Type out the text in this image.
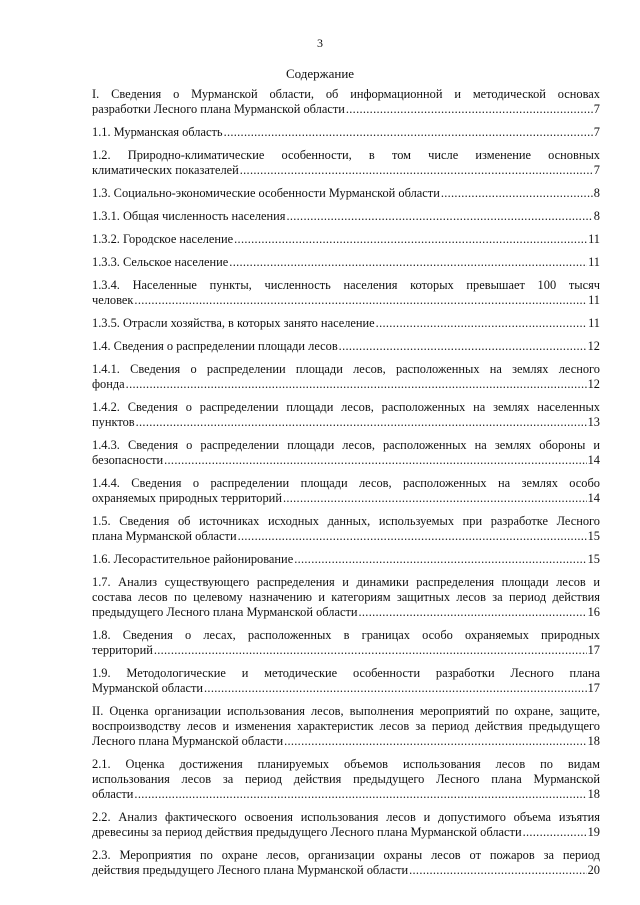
3
Содержание
I. Сведения о Мурманской области, об информационной и методической основах
разработки Лесного плана Мурманской области .....	7
1.1. Мурманская область .....	7
1.2. Природно-климатические особенности, в том числе изменение основных
климатических показателей .....	7
1.3. Социально-экономические особенности Мурманской области .....	8
1.3.1. Общая численность населения .....	8
1.3.2. Городское население .....	11
1.3.3. Сельское население .....	11
1.3.4. Населенные пункты, численность населения которых превышает 100 тысяч
человек .....	11
1.3.5. Отрасли хозяйства, в которых занято население .....	11
1.4. Сведения о распределении площади лесов .....	12
1.4.1. Сведения о распределении площади лесов, расположенных на землях лесного
фонда .....	12
1.4.2. Сведения о распределении площади лесов, расположенных на землях населенных
пунктов .....	13
1.4.3. Сведения о распределении площади лесов, расположенных на землях обороны и
безопасности .....	14
1.4.4. Сведения о распределении площади лесов, расположенных на землях особо
охраняемых природных территорий .....	14
1.5. Сведения об источниках исходных данных, используемых при разработке Лесного
плана Мурманской области .....	15
1.6. Лесорастительное районирование .....	15
1.7. Анализ существующего распределения и динамики распределения площади лесов и
состава лесов по целевому назначению и категориям защитных лесов за период действия
предыдущего Лесного плана Мурманской области .....	16
1.8. Сведения о лесах, расположенных в границах особо охраняемых природных
территорий .....	17
1.9. Методологические и методические особенности разработки Лесного плана
Мурманской области .....	17
II. Оценка организации использования лесов, выполнения мероприятий по охране, защите,
воспроизводству лесов и изменения характеристик лесов за период действия предыдущего
Лесного плана Мурманской области .....	18
2.1. Оценка достижения планируемых объемов использования лесов по видам
использования лесов за период действия предыдущего Лесного плана Мурманской
области .....	18
2.2. Анализ фактического освоения использования лесов и допустимого объема изъятия
древесины за период действия предыдущего Лесного плана Мурманской области .....	19
2.3. Мероприятия по охране лесов, организации охраны лесов от пожаров за период
действия предыдущего Лесного плана Мурманской области .....	20
